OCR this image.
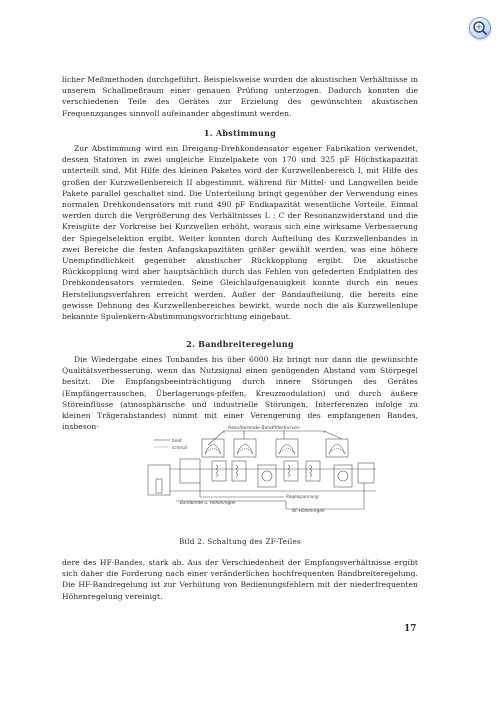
+

licher Meßmethoden durchgeführt. Beispielsweise wurden die akustischen Verhältnisse in unserem Schallmeßraum einer genauen Prüfung unterzogen. Dadurch konnten die verschiedenen Teile des Gerätes zur Erzielung des gewünschten akustischen Frequenzganges sinnvoll aufeinander abgestimmt werden.

1. Abstimmung

Zur Abstimmung wird ein Dreigang-Drehkondensator eigener Fabrikation verwendet, dessen Statoren in zwei ungleiche Einzelpakete von 170 und 325 pF Höchstkapazität unterteilt sind. Mit Hilfe des kleinen Paketes wird der Kurzwellenbereich I, mit Hilfe des großen der Kurzwellenbereich II abgestimmt, während für Mittel- und Langwellen beide Pakete parallel geschaltet sind. Die Unterteilung bringt gegenüber der Verwendung eines normalen Drehkondensators mit rund 490 pF Endkapazität wesentliche Vorteile. Einmal werden durch die Vergrößerung des Verhältnisses L : C der Resonanzwiderstand und die Kreisgüte der Vorkreise bei Kurzwellen erhöht, woraus sich eine wirksame Verbesserung der Spiegelselektion ergibt. Weiter konnten durch Aufteilung des Kurzwellenbandes in zwei Bereiche die festen Anfangskapazitäten größer gewählt werden, was eine höhere Unempfindlichkeit gegenüber akustischer Rückkopplung ergibt. Die akustische Rückkopplung wird aber hauptsächlich durch das Fehlen von gefederten Endplatten des Drehkondensators vermieden. Seine Gleichlaufgenauigkeit konnte durch ein neues Herstellungsverfahren erreicht werden. Außer der Bandaufteilung, die bereits eine gewisse Dehnung des Kurzwellenbereiches bewirkt, wurde noch die als Kurzwellenlupe bekannte Spulenkern-Abstimmungsvorrichtung eingebaut.

2. Bandbreiteregelung

Die Wiedergabe eines Tonbandes bis über 6000 Hz bringt nur dann die gewünschte Qualitätsverbesserung, wenn das Nutzsignal einen genügenden Abstand vom Störpegel besitzt. Die Empfangsbeeinträchtigung durch innere Störungen des Gerätes (Empfängerrauschen, Überlagerungs-pfeifen, Kreuzmodulation) und durch äußere Störeinflüsse (atmosphärische und industrielle Störungen, Interferenzen infolge zu kleinen Trägerabstandes) nimmt mit einer Verengerung des empfangenen Bandes, insbeson-	Resultierende Bandfilterkurven
breit
schmal
Regelspannung
Bandbreite u. Höhenregler
NF-Höhenregler
Bild 2. Schaltung des ZF-Teiles

dere des HF-Bandes, stark ab. Aus der Verschiedenheit der Empfangsverhältnisse ergibt sich daher die Forderung nach einer veränderlichen hochfrequenten Bandbreiteregelung. Die HF-Bandregelung ist zur Verhütung von Bedienungsfehlern mit der niederfrequenten Höhenregelung vereinigt.

17
